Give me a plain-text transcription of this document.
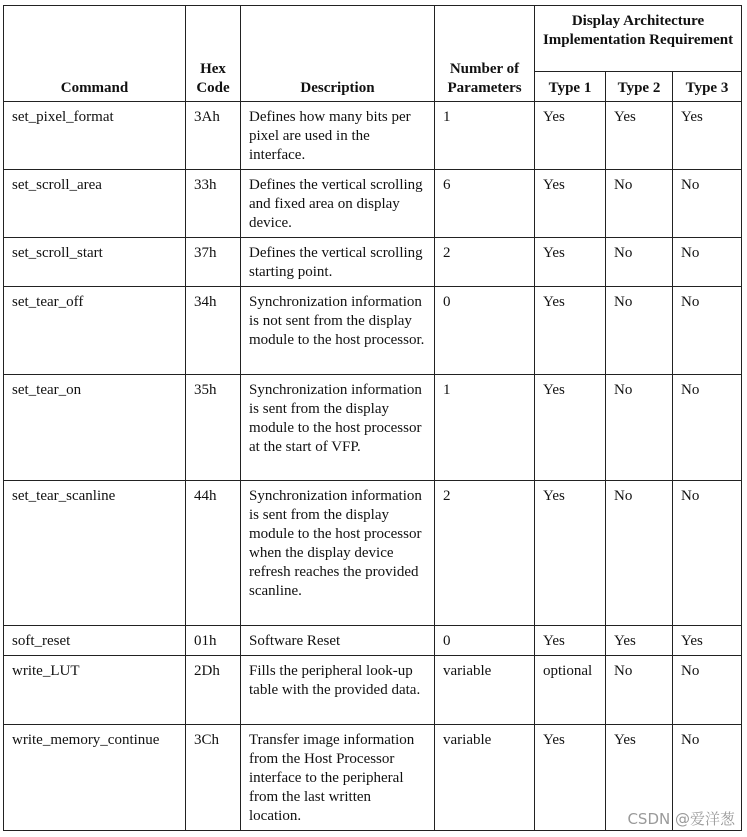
Command	Hex Code	Description	Number of Parameters	Display Architecture Implementation Requirement		
				Type 1	Type 2	Type 3
set_pixel_format	3Ah	Defines how many bits per pixel are used in the interface.	1	Yes	Yes	Yes
set_scroll_area	33h	Defines the vertical scrolling and fixed area on display device.	6	Yes	No	No
set_scroll_start	37h	Defines the vertical scrolling starting point.	2	Yes	No	No
set_tear_off	34h	Synchronization information is not sent from the display module to the host processor.	0	Yes	No	No
set_tear_on	35h	Synchronization information is sent from the display module to the host processor at the start of VFP.	1	Yes	No	No
set_tear_scanline	44h	Synchronization information is sent from the display module to the host processor when the display device refresh reaches the provided scanline.	2	Yes	No	No
soft_reset	01h	Software Reset	0	Yes	Yes	Yes
write_LUT	2Dh	Fills the peripheral look-up table with the provided data.	variable	optional	No	No
write_memory_continue	3Ch	Transfer image information from the Host Processor interface to the peripheral from the last written location.	variable	Yes	Yes	No
CSDN @爱洋葱
